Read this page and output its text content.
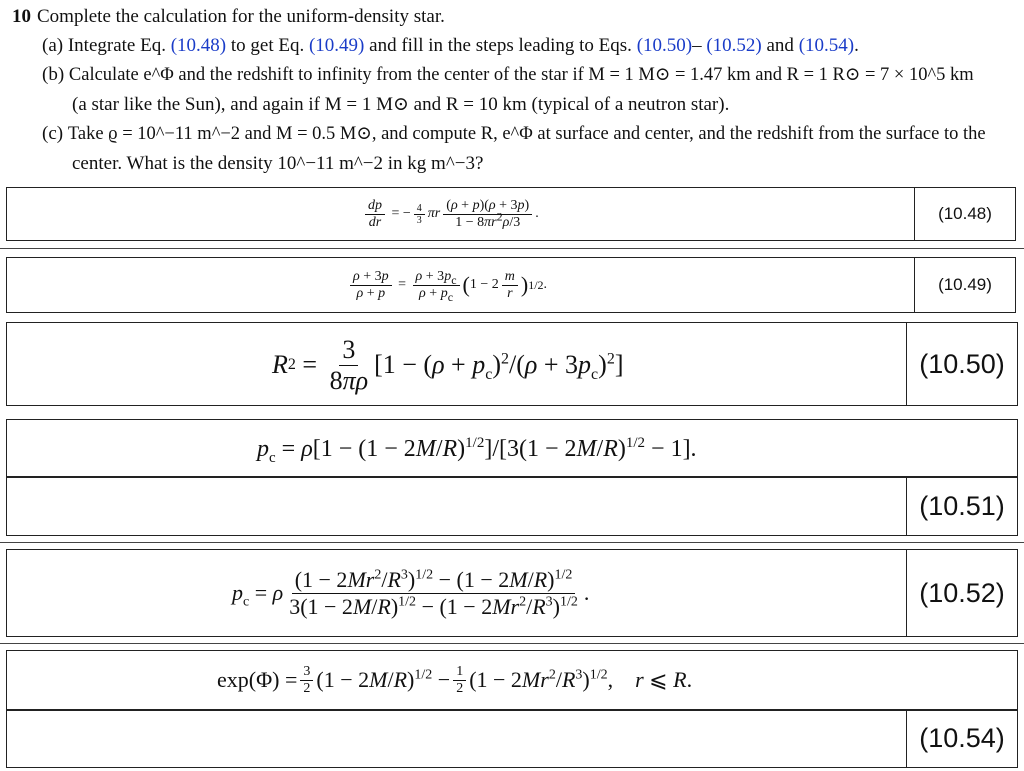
10 Complete the calculation for the uniform-density star.
(a) Integrate Eq. (10.48) to get Eq. (10.49) and fill in the steps leading to Eqs. (10.50)– (10.52) and (10.54).
(b) Calculate e^Φ and the redshift to infinity from the center of the star if M = 1 M⊙ = 1.47 km and R = 1 R⊙ = 7 × 10^5 km
(a star like the Sun), and again if M = 1 M⊙ and R = 10 km (typical of a neutron star).
(c) Take ϱ = 10^−11 m^−2 and M = 0.5 M⊙, and compute R, e^Φ at surface and center, and the redshift from the surface to the
center. What is the density 10^−11 m^−2 in kg m^−3?
$\frac{dp}{dr}$ = − $\frac{4}{3}$ πr $\frac{(\rho + p)(\rho + 3p)}{1 - 8\pi r^2\rho/3}$ .	(10.48)
$\frac{\rho + 3p}{\rho + p} = \frac{\rho + 3p_c}{\rho + p_c}$ ( $1 - 2 \frac{m}{r}$ ) 1/2 .	(10.49)
R $2 = \frac{3}{8\pi\rho} [1 - (\rho + p_c)^2/(\rho + 3p_c)^2]$	(10.50)
$p_c = \rho[1 - (1 - 2M/R)^{1/2}]/[3(1 - 2M/R)^{1/2} - 1]$.
(10.51)
$p_c = \rho \frac{(1 - 2Mr^2/R^3)^{1/2} - (1 - 2M/R)^{1/2}}{3(1 - 2M/R)^{1/2} - (1 - 2Mr^2/R^3)^{1/2}}$ .	(10.52)
$\exp(\Phi) = \frac{3}{2} (1 - 2M/R)^{1/2} - \frac{1}{2} (1 - 2Mr^2/R^3)^{1/2}$,    r ⩽ R.
(10.54)
